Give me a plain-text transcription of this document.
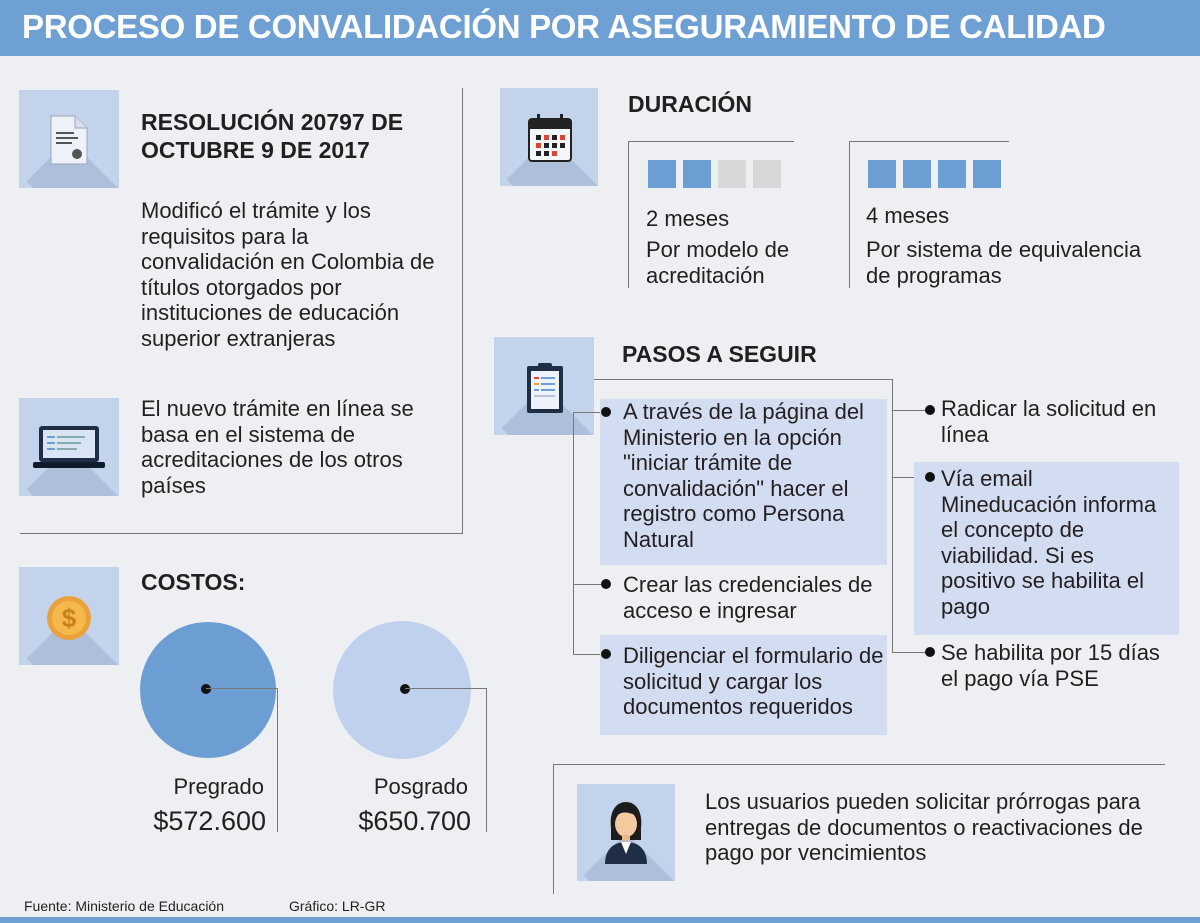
PROCESO DE CONVALIDACIÓN POR ASEGURAMIENTO DE CALIDAD
RESOLUCIÓN 20797 DE OCTUBRE 9 DE 2017
Modificó el trámite y los requisitos para la convalidación en Colombia de títulos otorgados por instituciones de educación superior extranjeras
El nuevo trámite en línea se basa en el sistema de acreditaciones de los otros países
$
COSTOS:
Pregrado
$572.600
Posgrado
$650.700
DURACIÓN
2 meses
Por modelo de acreditación
4 meses
Por sistema de equivalencia de programas
PASOS A SEGUIR
A través de la página del Ministerio en la opción "iniciar trámite de convalidación" hacer el registro como Persona Natural
Crear las credenciales de acceso e ingresar
Diligenciar el formulario de solicitud y cargar los documentos requeridos
Radicar la solicitud en línea
Vía email Mineducación informa el concepto de viabilidad. Si es positivo se habilita el pago
Se habilita por 15 días el pago vía PSE
Los usuarios pueden solicitar prórrogas para entregas de documentos o reactivaciones de pago por vencimientos
Fuente: Ministerio de Educación	Gráfico: LR-GR
